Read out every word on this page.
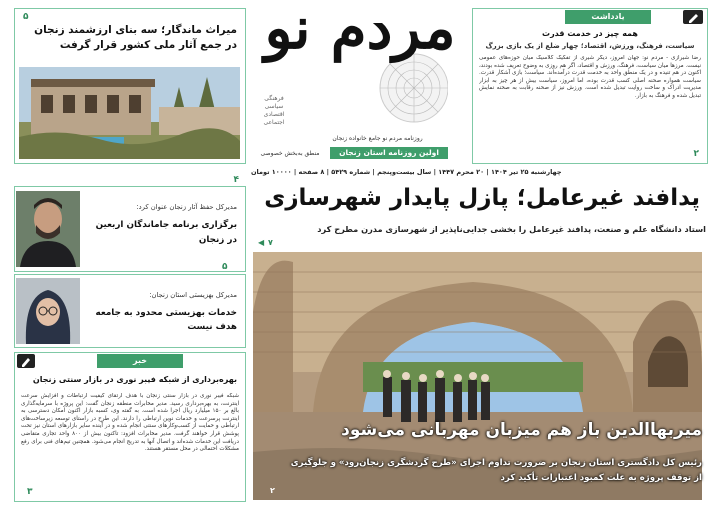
مردم نو
فرهنگی
سیاسی
اقتصادی
اجتماعی
روزنامه مردم نو جامع خانواده زنجان
اولین روزنامه استان زنجان
منطق به‌بخش خصوصی
۵
میراث ماندگار؛ سه بنای ارزشمند زنجان در جمع آثار ملی کشور قرار گرفت
یادداشت
همه چیز در خدمت قدرت
سیاست، فرهنگ، ورزش، اقتصاد؛ چهار ضلع از یک بازی بزرگ
رضا شیرازی - مردم نو: جهان امروز، دیگر شیری از تفکیک کلاسیک میان حوزه‌های عمومی نیست. مرزها میان سیاست، فرهنگ، ورزش و اقتصاد، اگر هم روزی به وضوح تعریف شده بودند، اکنون در هم تنیده و در یک منطق واحد به خدمت قدرت درآمده‌اند. سیاست؛ بازی آشکار قدرت. سیاست همواره صحنه اصلی کسب قدرت بوده، اما امروز، سیاست بیش از هر چیز به ابزار مدیریت ادراک و ساخت روایت تبدیل شده است. ورزش نیز از صحنه رقابت به صحنه نمایش تبدیل شده و فرهنگ به بازار.
۲
چهارشنبه ۲۵ تیر ۱۴۰۴ | ۲۰ محرم ۱۴۴۷ | سال بیست‌وپنجم | شماره ۵۴۲۹ | ۸ صفحه | ۱۰۰۰۰ تومان
پدافند غیرعامل؛ پازل پایدار شهرسازی
استاد دانشگاه علم و صنعت، پدافند غیرعامل را بخشی جدایی‌ناپذیر از شهرسازی مدرن مطرح کرد
۷
◀
میربهاالدین باز هم میزبان مهربانی می‌شود
رئیس کل دادگستری استان زنجان بر ضرورت تداوم اجرای «طرح گردشگری زنجان‌رود» و جلوگیری از توقف پروژه به علت کمبود اعتبارات تأکید کرد
۲
مدیرکل حفظ آثار زنجان عنوان کرد:
برگزاری برنامه جاماندگان اربعین در زنجان
۴
مدیرکل بهزیستی استان زنجان:
خدمات بهزیستی محدود به جامعه هدف نیست
۵
خبر
بهره‌برداری از شبکه فیبر نوری در بازار سنتی زنجان
شبکه فیبر نوری در بازار سنتی زنجان با هدف ارتقای کیفیت ارتباطات و افزایش سرعت اینترنت، به بهره‌برداری رسید. مدیر مخابرات منطقه زنجان گفت: این پروژه با سرمایه‌گذاری بالغ بر ۱۵۰ میلیارد ریال اجرا شده است. به گفته وی، کسبه بازار اکنون امکان دسترسی به اینترنت پرسرعت و خدمات نوین ارتباطی را دارند. این طرح در راستای توسعه زیرساخت‌های ارتباطی و حمایت از کسب‌وکارهای سنتی انجام شده و در آینده سایر بازارهای استان نیز تحت پوشش قرار خواهند گرفت. مدیر مخابرات افزود: تاکنون بیش از ۸۰۰ واحد تجاری متقاضی دریافت این خدمات شده‌اند و اتصال آنها به تدریج انجام می‌شود. همچنین تیم‌های فنی برای رفع مشکلات احتمالی در محل مستقر هستند.
۳
